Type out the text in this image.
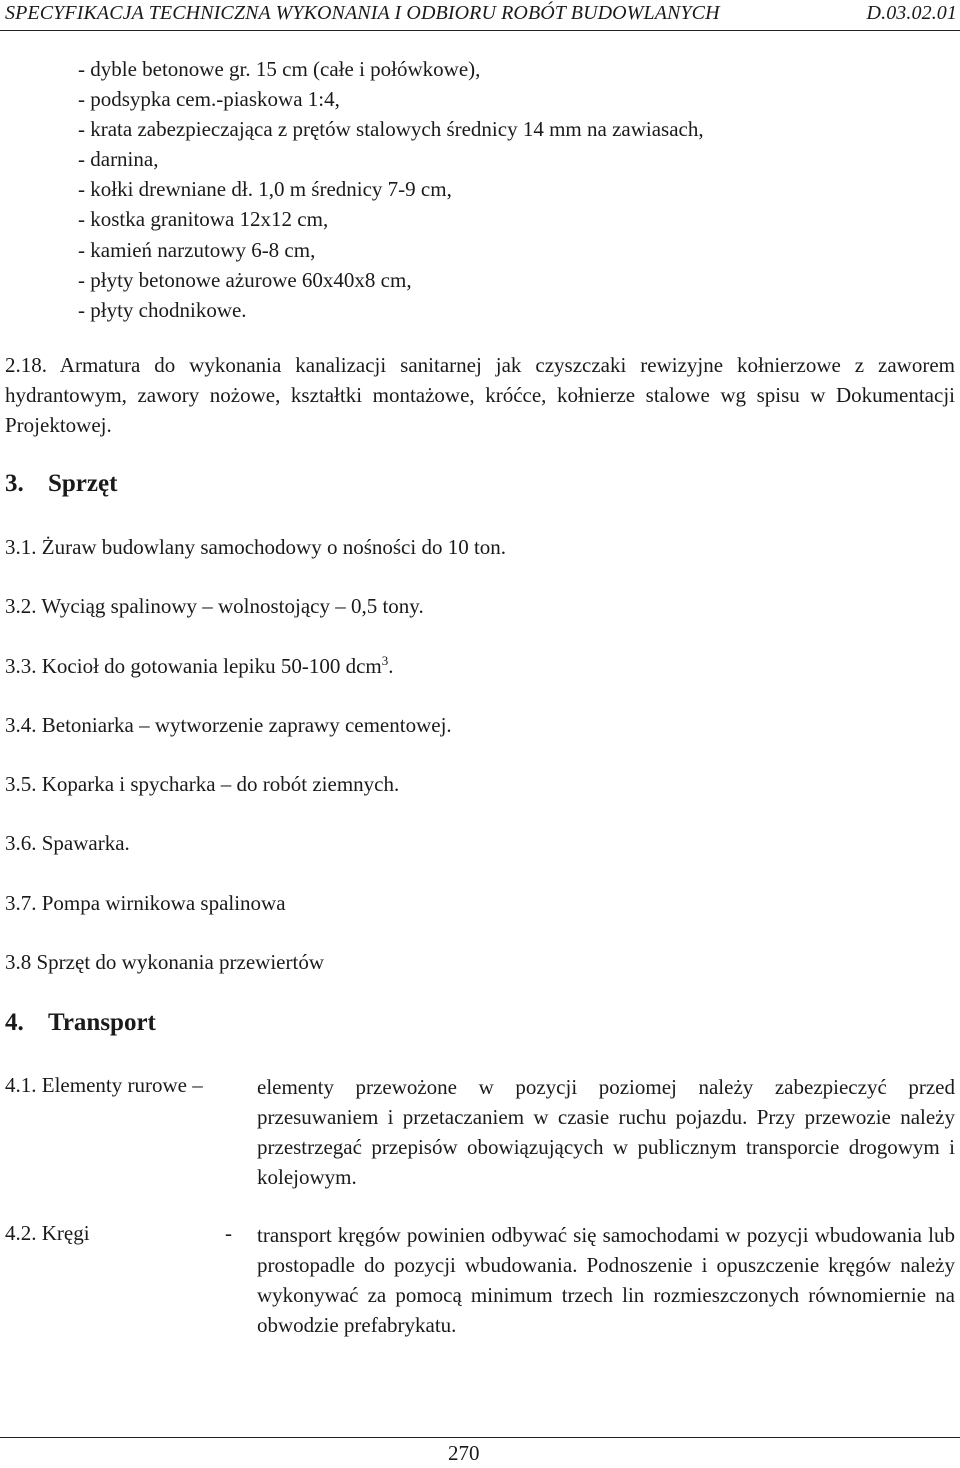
SPECYFIKACJA TECHNICZNA WYKONANIA I ODBIORU ROBÓT BUDOWLANYCH	D.03.02.01
- dyble betonowe gr. 15 cm (całe i połówkowe),
- podsypka cem.-piaskowa 1:4,
- krata zabezpieczająca z prętów stalowych średnicy 14 mm na zawiasach,
- darnina,
- kołki drewniane dł. 1,0 m średnicy 7-9 cm,
- kostka granitowa 12x12 cm,
- kamień narzutowy 6-8 cm,
- płyty betonowe ażurowe 60x40x8 cm,
- płyty chodnikowe.
2.18. Armatura do wykonania kanalizacji sanitarnej jak czyszczaki rewizyjne kołnierzowe z zaworem hydrantowym, zawory nożowe, kształtki montażowe, króćce, kołnierze stalowe wg spisu w Dokumentacji Projektowej.
3. Sprzęt
3.1. Żuraw budowlany samochodowy o nośności do 10 ton.
3.2. Wyciąg spalinowy – wolnostojący – 0,5 tony.
3.3. Kocioł do gotowania lepiku 50-100 dcm$^3$.
3.4. Betoniarka – wytworzenie zaprawy cementowej.
3.5. Koparka i spycharka – do robót ziemnych.
3.6. Spawarka.
3.7. Pompa wirnikowa spalinowa
3.8 Sprzęt do wykonania przewiertów
4. Transport
4.1. Elementy rurowe –	elementy przewożone w pozycji poziomej należy zabezpieczyć przed przesuwaniem i przetaczaniem w czasie ruchu pojazdu. Przy przewozie należy przestrzegać przepisów obowiązujących w publicznym transporcie drogowym i kolejowym.
4.2. Kręgi	- transport kręgów powinien odbywać się samochodami w pozycji wbudowania lub prostopadle do pozycji wbudowania. Podnoszenie i opuszczenie kręgów należy wykonywać za pomocą minimum trzech lin rozmieszczonych równomiernie na obwodzie prefabrykatu.
270
